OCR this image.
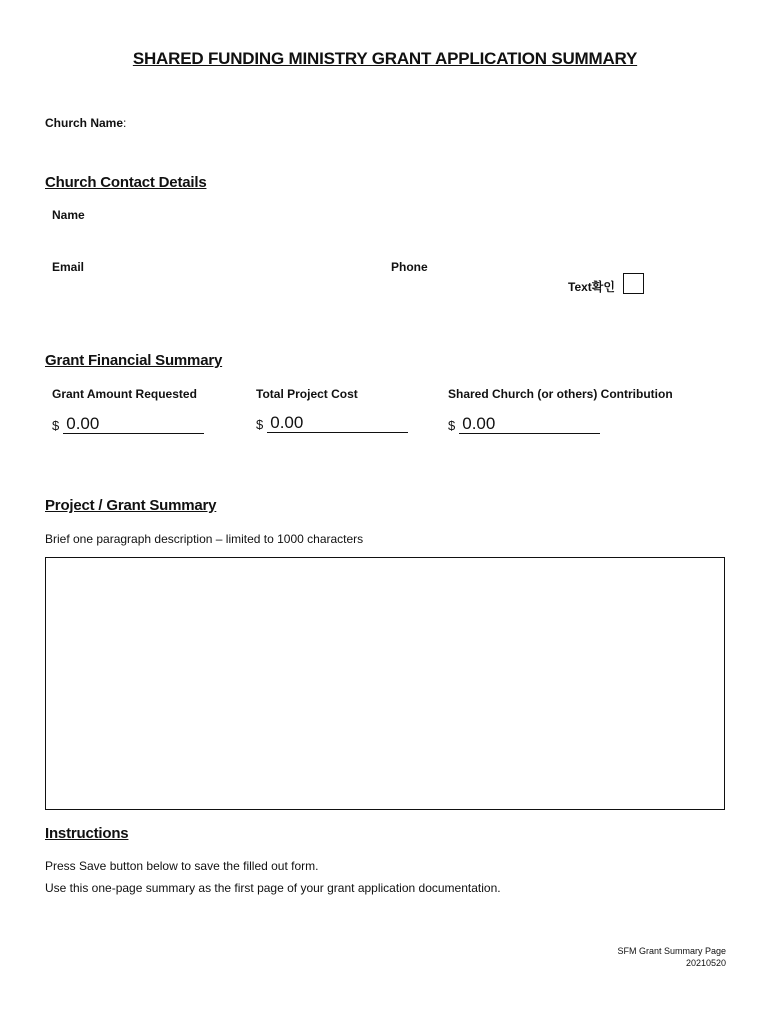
SHARED FUNDING MINISTRY GRANT APPLICATION SUMMARY
Church Name:
Church Contact Details
Name
Email	Phone
Text확인
Grant Financial Summary
Grant Amount Requested	Total Project Cost	Shared Church (or others) Contribution
$ 0.00	$ 0.00	$ 0.00
Project / Grant Summary
Brief one paragraph description – limited to 1000 characters
Instructions
Press Save button below to save the filled out form.
Use this one-page summary as the first page of your grant application documentation.
SFM Grant Summary Page
20210520
